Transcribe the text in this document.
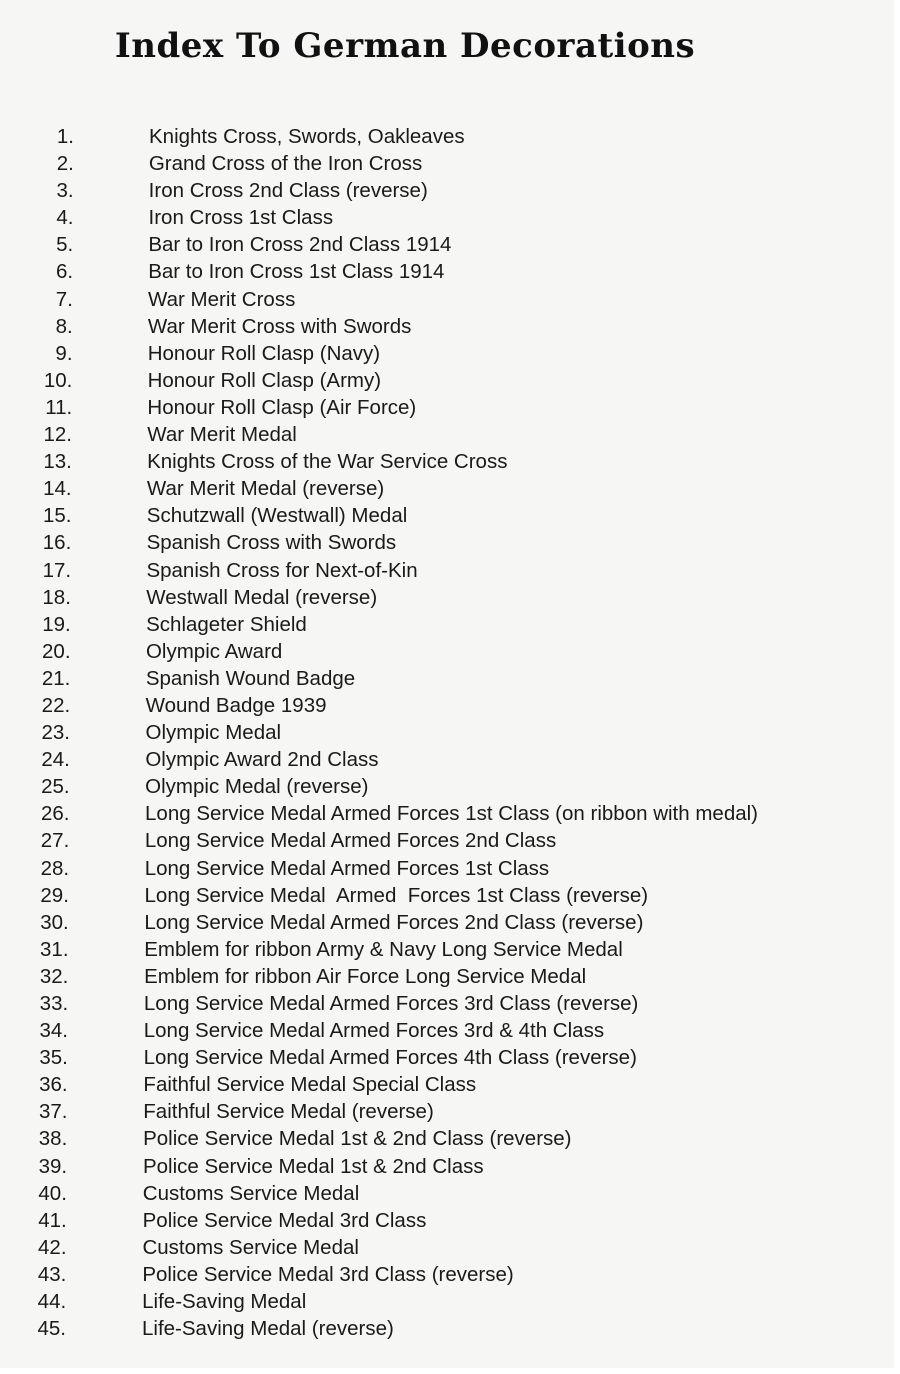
Index To German Decorations
1.	Knights Cross, Swords, Oakleaves
2.	Grand Cross of the Iron Cross
3.	Iron Cross 2nd Class (reverse)
4.	Iron Cross 1st Class
5.	Bar to Iron Cross 2nd Class 1914
6.	Bar to Iron Cross 1st Class 1914
7.	War Merit Cross
8.	War Merit Cross with Swords
9.	Honour Roll Clasp (Navy)
10.	Honour Roll Clasp (Army)
11.	Honour Roll Clasp (Air Force)
12.	War Merit Medal
13.	Knights Cross of the War Service Cross
14.	War Merit Medal (reverse)
15.	Schutzwall (Westwall) Medal
16.	Spanish Cross with Swords
17.	Spanish Cross for Next-of-Kin
18.	Westwall Medal (reverse)
19.	Schlageter Shield
20.	Olympic Award
21.	Spanish Wound Badge
22.	Wound Badge 1939
23.	Olympic Medal
24.	Olympic Award 2nd Class
25.	Olympic Medal (reverse)
26.	Long Service Medal Armed Forces 1st Class (on ribbon with medal)
27.	Long Service Medal Armed Forces 2nd Class
28.	Long Service Medal Armed Forces 1st Class
29.	Long Service Medal  Armed  Forces 1st Class (reverse)
30.	Long Service Medal Armed Forces 2nd Class (reverse)
31.	Emblem for ribbon Army & Navy Long Service Medal
32.	Emblem for ribbon Air Force Long Service Medal
33.	Long Service Medal Armed Forces 3rd Class (reverse)
34.	Long Service Medal Armed Forces 3rd & 4th Class
35.	Long Service Medal Armed Forces 4th Class (reverse)
36.	Faithful Service Medal Special Class
37.	Faithful Service Medal (reverse)
38.	Police Service Medal 1st & 2nd Class (reverse)
39.	Police Service Medal 1st & 2nd Class
40.	Customs Service Medal
41.	Police Service Medal 3rd Class
42.	Customs Service Medal
43.	Police Service Medal 3rd Class (reverse)
44.	Life-Saving Medal
45.	Life-Saving Medal (reverse)
